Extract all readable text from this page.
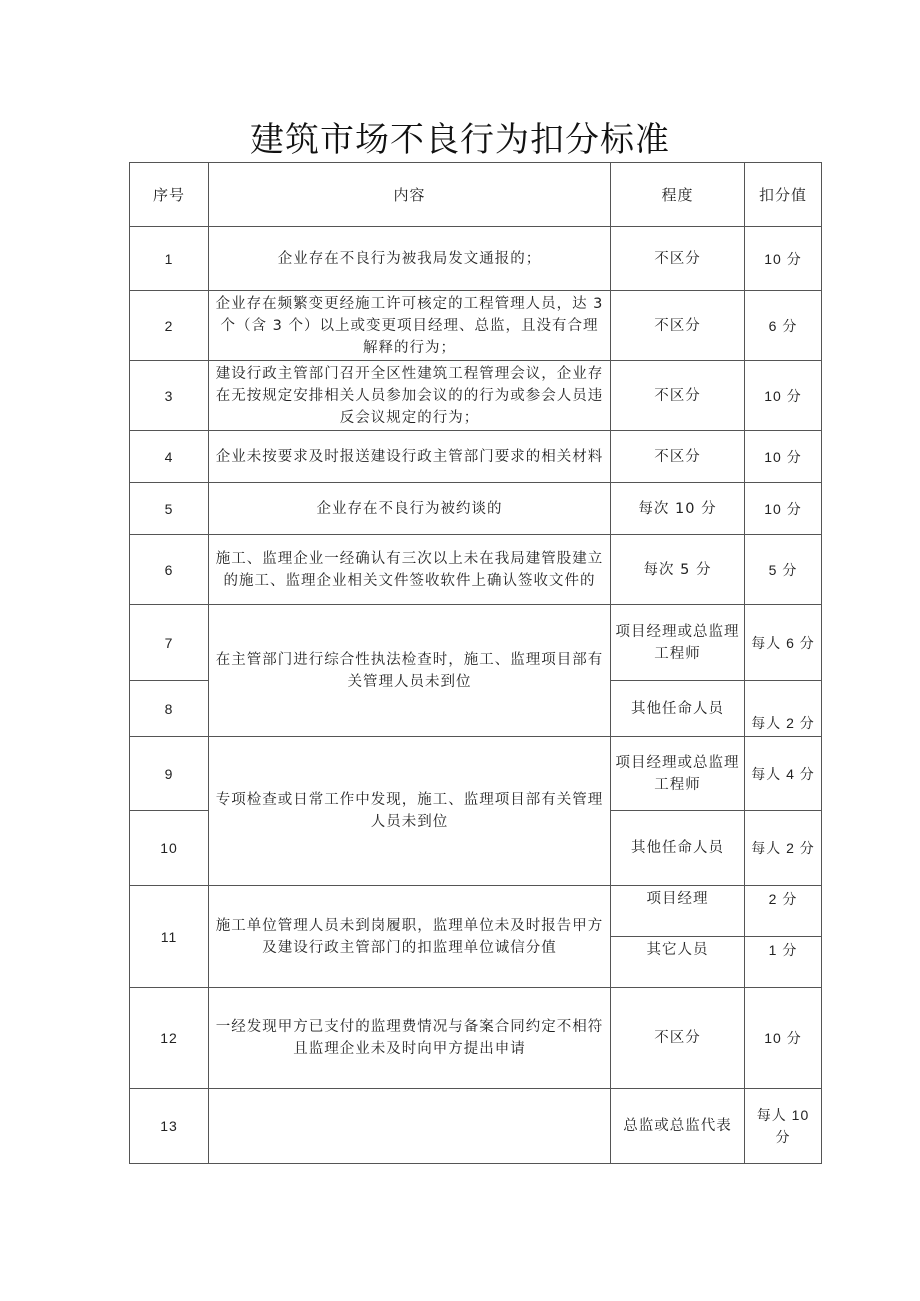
建筑市场不良行为扣分标准
序号	内容	程度	扣分值
1	企业存在不良行为被我局发文通报的；	不区分	10 分
2	企业存在频繁变更经施工许可核定的工程管理人员，达 3 个（含 3 个）以上或变更项目经理、总监，且没有合理解释的行为；	不区分	6 分
3	建设行政主管部门召开全区性建筑工程管理会议，企业存在无按规定安排相关人员参加会议的的行为或参会人员违反会议规定的行为；	不区分	10 分
4	企业未按要求及时报送建设行政主管部门要求的相关材料	不区分	10 分
5	企业存在不良行为被约谈的	每次 10 分	10 分
6	施工、监理企业一经确认有三次以上未在我局建管股建立的施工、监理企业相关文件签收软件上确认签收文件的	每次 5 分	5 分
7	在主管部门进行综合性执法检查时，施工、监理项目部有关管理人员未到位	项目经理或总监理工程师	每人 6 分
8		其他任命人员	每人 2 分
9	专项检查或日常工作中发现，施工、监理项目部有关管理人员未到位	项目经理或总监理工程师	每人 4 分
10		其他任命人员	每人 2 分
11	施工单位管理人员未到岗履职，监理单位未及时报告甲方及建设行政主管部门的扣监理单位诚信分值	项目经理	2 分
		其它人员	1 分
12	一经发现甲方已支付的监理费情况与备案合同约定不相符且监理企业未及时向甲方提出申请	不区分	10 分
13		总监或总监代表	每人 10 分
